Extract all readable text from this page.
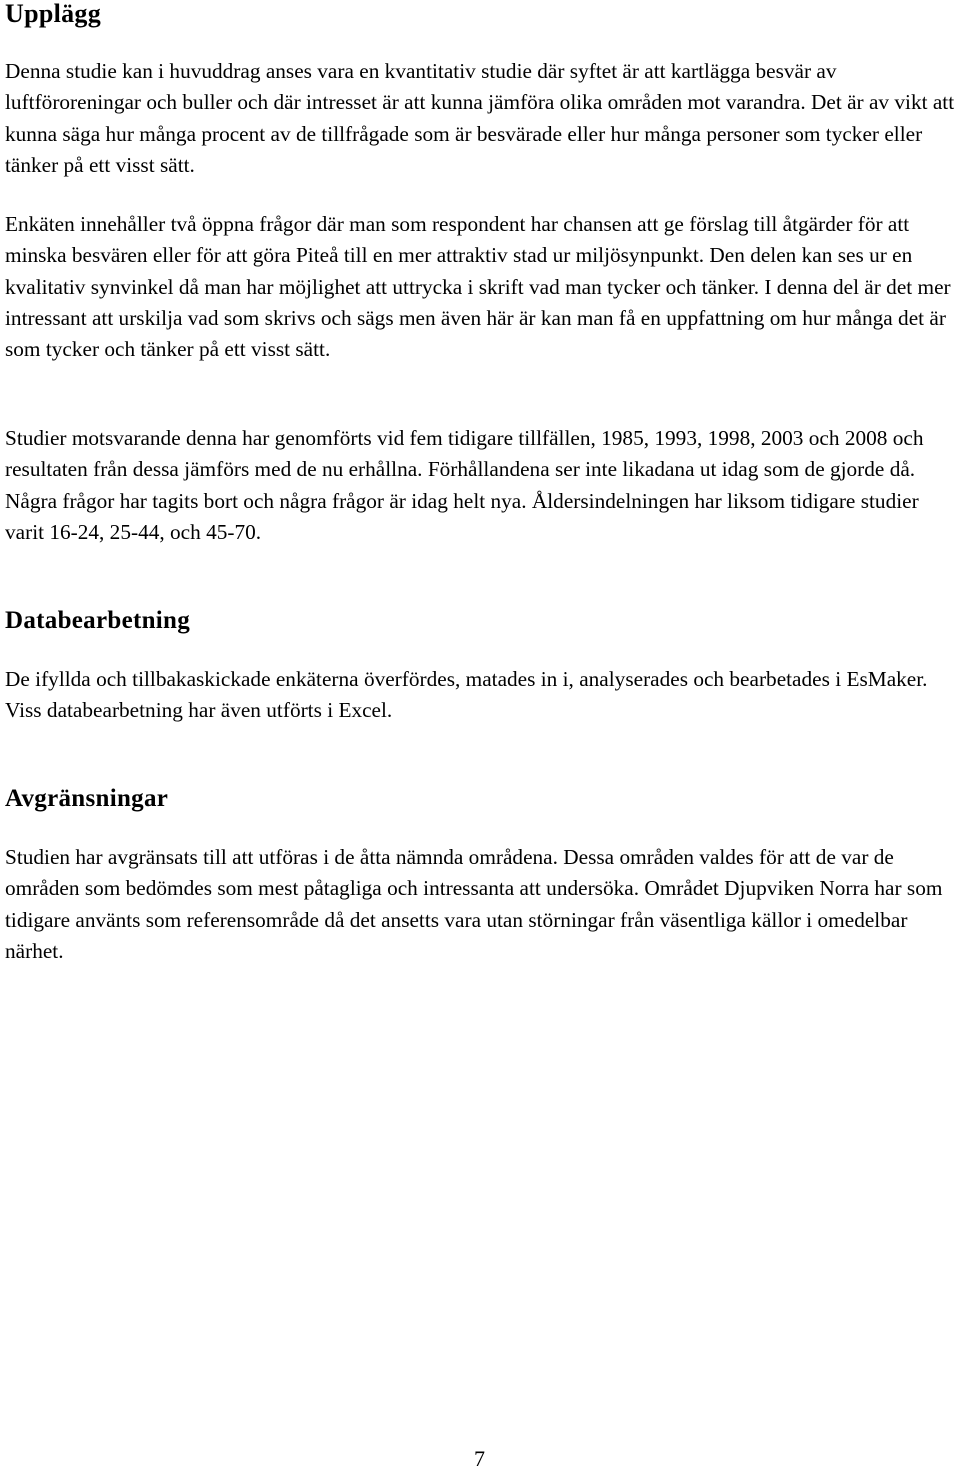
Upplägg

Denna studie kan i huvuddrag anses vara en kvantitativ studie där syftet är att kartlägga besvär av luftföroreningar och buller och där intresset är att kunna jämföra olika områden mot varandra. Det är av vikt att kunna säga hur många procent av de tillfrågade som är besvärade eller hur många personer som tycker eller tänker på ett visst sätt.

Enkäten innehåller två öppna frågor där man som respondent har chansen att ge förslag till åtgärder för att minska besvären eller för att göra Piteå till en mer attraktiv stad ur miljösynpunkt. Den delen kan ses ur en kvalitativ synvinkel då man har möjlighet att uttrycka i skrift vad man tycker och tänker. I denna del är det mer intressant att urskilja vad som skrivs och sägs men även här är kan man få en uppfattning om hur många det är som tycker och tänker på ett visst sätt.

Studier motsvarande denna har genomförts vid fem tidigare tillfällen, 1985, 1993, 1998, 2003 och 2008 och resultaten från dessa jämförs med de nu erhållna. Förhållandena ser inte likadana ut idag som de gjorde då. Några frågor har tagits bort och några frågor är idag helt nya. Åldersindelningen har liksom tidigare studier varit 16-24, 25-44, och 45-70.

Databearbetning

De ifyllda och tillbakaskickade enkäterna överfördes, matades in i, analyserades och bearbetades i EsMaker. Viss databearbetning har även utförts i Excel.

Avgränsningar

Studien har avgränsats till att utföras i de åtta nämnda områdena. Dessa områden valdes för att de var de områden som bedömdes som mest påtagliga och intressanta att undersöka. Området Djupviken Norra har som tidigare använts som referensområde då det ansetts vara utan störningar från väsentliga källor i omedelbar närhet.

7
